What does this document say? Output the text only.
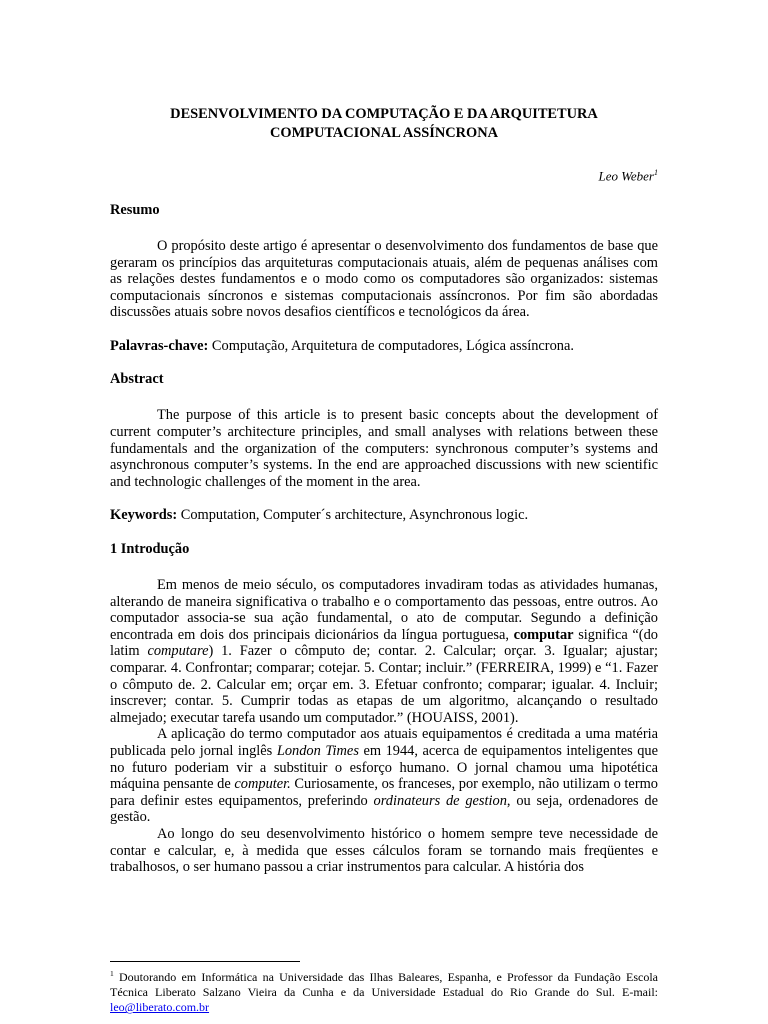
DESENVOLVIMENTO DA COMPUTAÇÃO E DA ARQUITETURA
COMPUTACIONAL ASSÍNCRONA

Leo Weber$^1$
Resumo

O propósito deste artigo é apresentar o desenvolvimento dos fundamentos de base que geraram os princípios das arquiteturas computacionais atuais, além de pequenas análises com as relações destes fundamentos e o modo como os computadores são organizados: sistemas computacionais síncronos e sistemas computacionais assíncronos. Por fim são abordadas discussões atuais sobre novos desafios científicos e tecnológicos da área.

Palavras-chave: Computação, Arquitetura de computadores, Lógica assíncrona.

Abstract

The purpose of this article is to present basic concepts about the development of current computer’s architecture principles, and small analyses with relations between these fundamentals and the organization of the computers: synchronous computer’s systems and asynchronous computer’s systems. In the end are approached discussions with new scientific and technologic challenges of the moment in the area.

Keywords: Computation, Computer´s architecture, Asynchronous logic.

1 Introdução

Em menos de meio século, os computadores invadiram todas as atividades humanas, alterando de maneira significativa o trabalho e o comportamento das pessoas, entre outros. Ao computador associa-se sua ação fundamental, o ato de computar. Segundo a definição encontrada em dois dos principais dicionários da língua portuguesa, computar significa “(do latim computare) 1. Fazer o cômputo de; contar. 2. Calcular; orçar. 3. Igualar; ajustar; comparar. 4. Confrontar; comparar; cotejar. 5. Contar; incluir.” (FERREIRA, 1999) e “1. Fazer o cômputo de. 2. Calcular em; orçar em. 3. Efetuar confronto; comparar; igualar. 4. Incluir; inscrever; contar. 5. Cumprir todas as etapas de um algoritmo, alcançando o resultado almejado; executar tarefa usando um computador.” (HOUAISS, 2001).

A aplicação do termo computador aos atuais equipamentos é creditada a uma matéria publicada pelo jornal inglês London Times em 1944, acerca de equipamentos inteligentes que no futuro poderiam vir a substituir o esforço humano. O jornal chamou uma hipotética máquina pensante de computer. Curiosamente, os franceses, por exemplo, não utilizam o termo para definir estes equipamentos, preferindo ordinateurs de gestion, ou seja, ordenadores de gestão.

Ao longo do seu desenvolvimento histórico o homem sempre teve necessidade de contar e calcular, e, à medida que esses cálculos foram se tornando mais freqüentes e trabalhosos, o ser humano passou a criar instrumentos para calcular. A história dos

$^1$ Doutorando em Informática na Universidade das Ilhas Baleares, Espanha, e Professor da Fundação Escola Técnica Liberato Salzano Vieira da Cunha e da Universidade Estadual do Rio Grande do Sul. E-mail: leo@liberato.com.br
